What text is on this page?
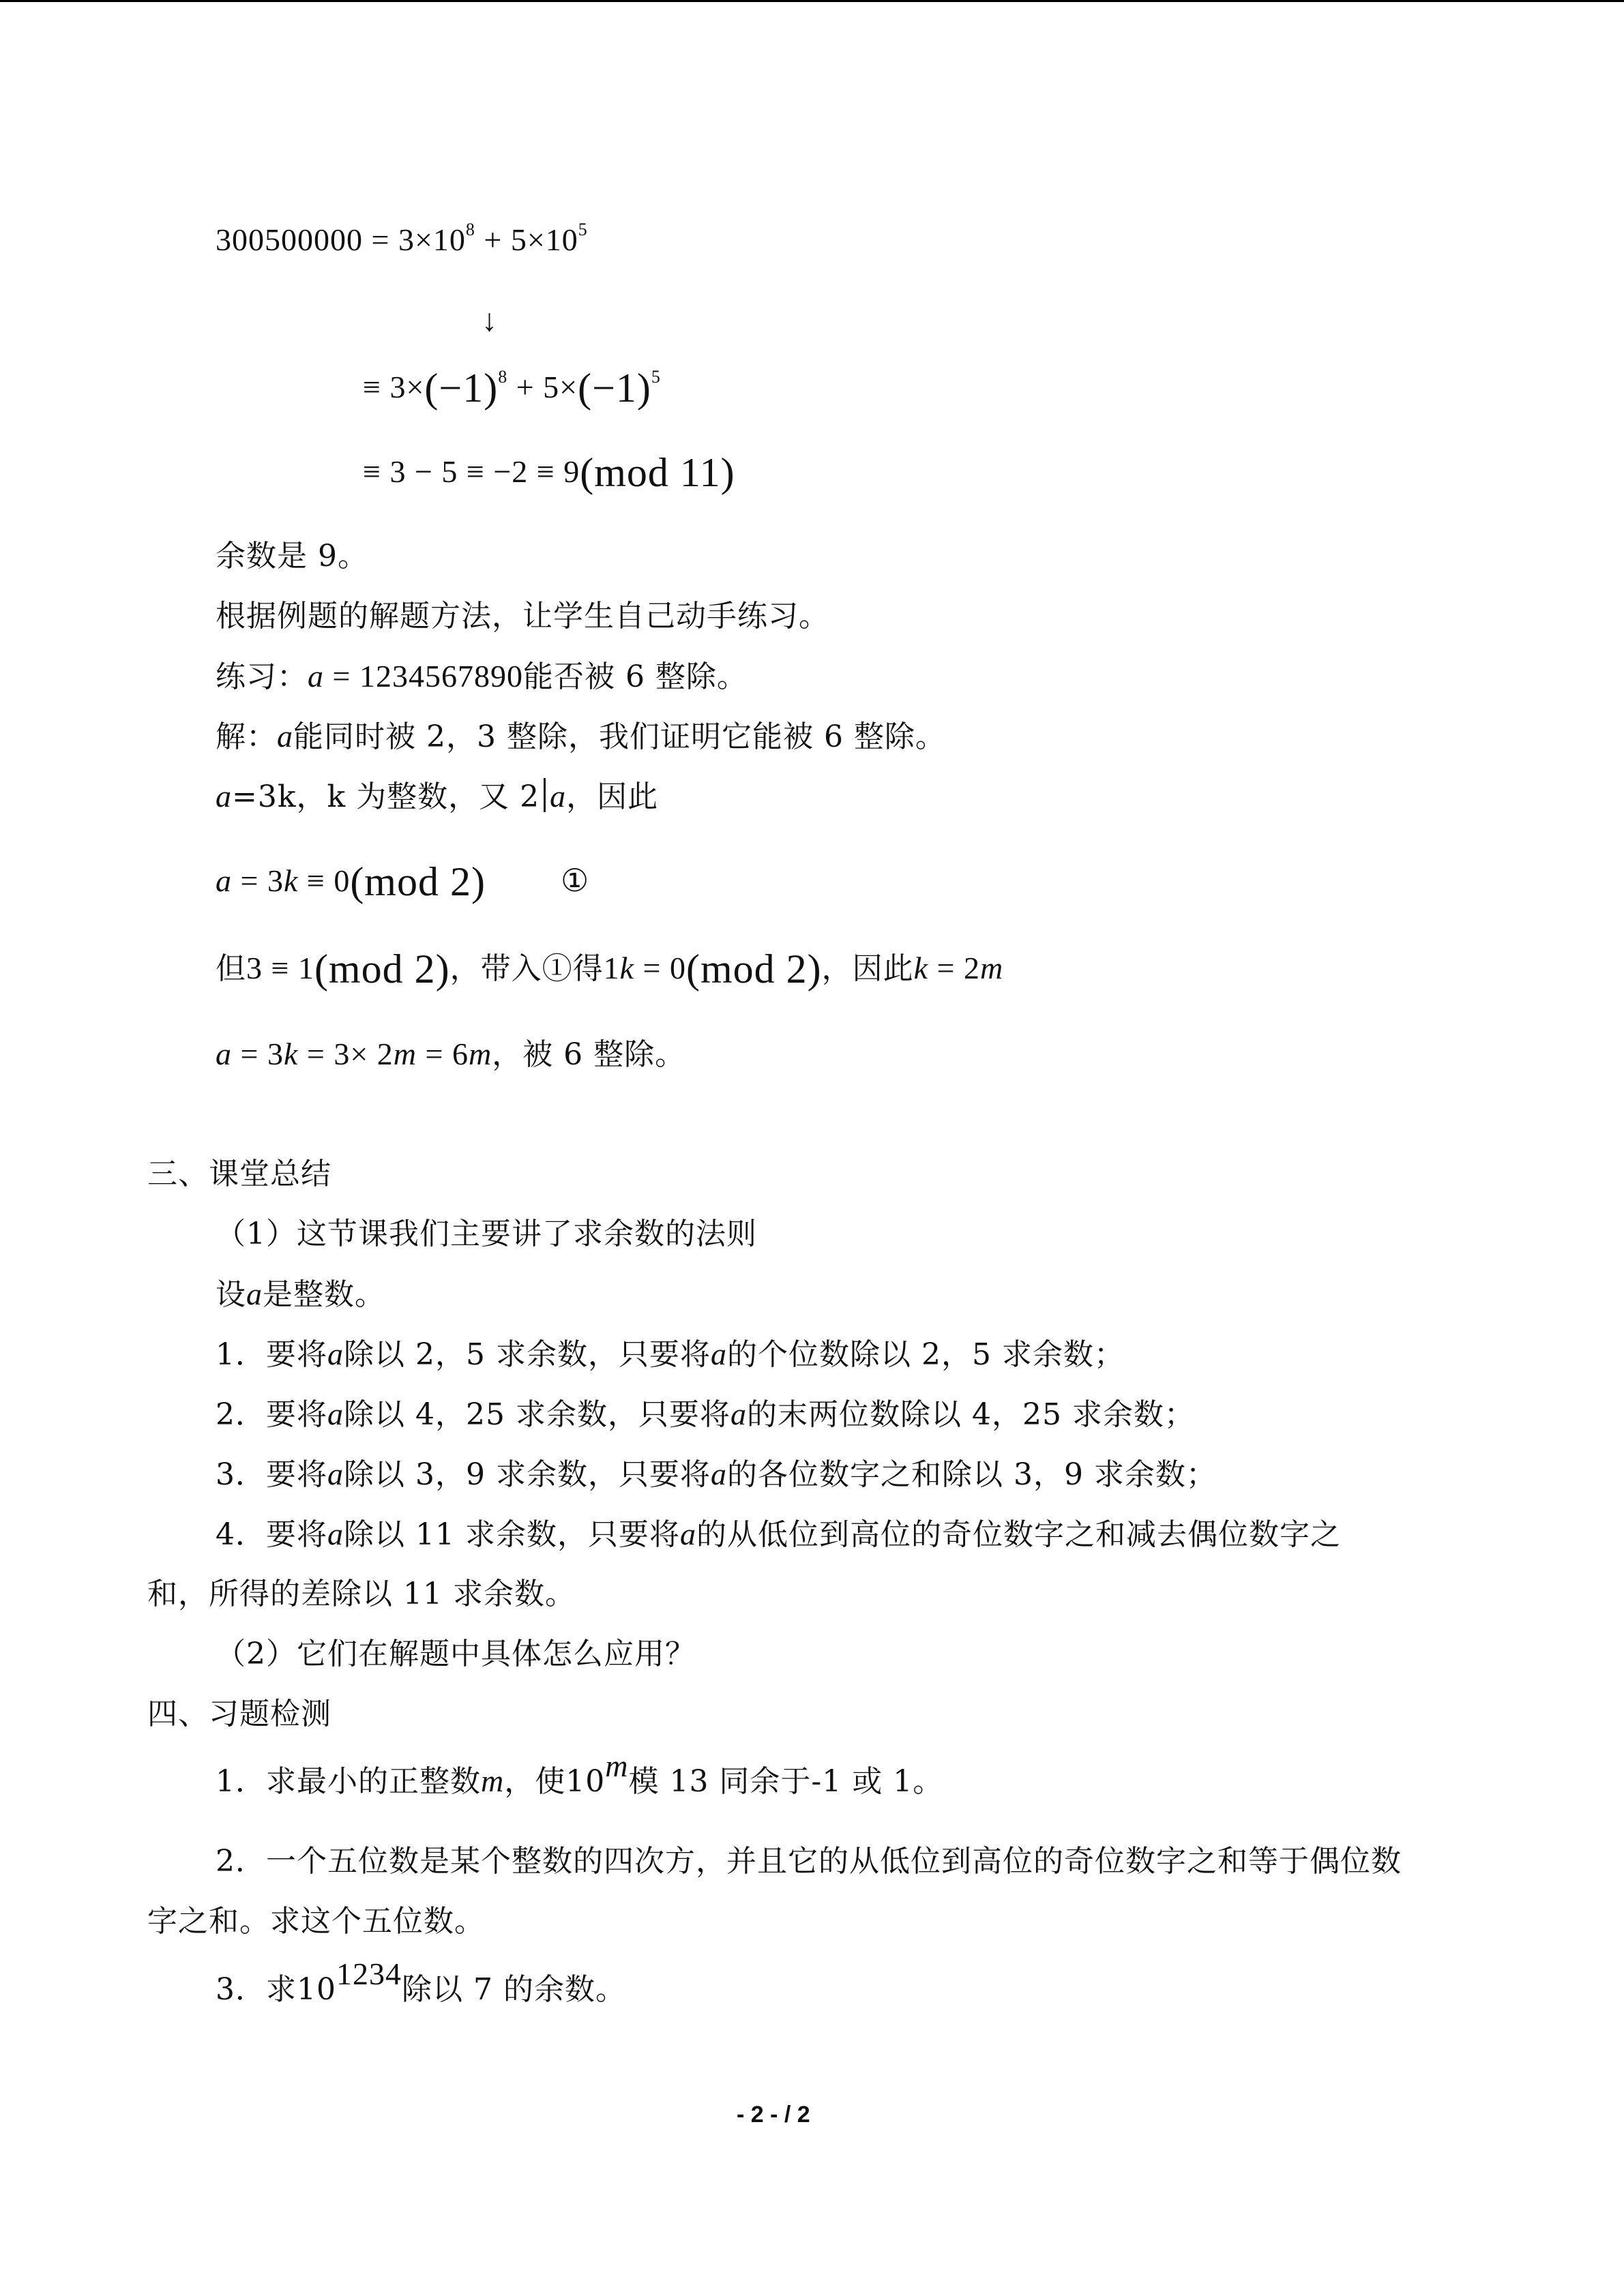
$300500000 = 3\times 10^8 + 5\times 10^5$
↓
≡ $3\times(-1)^8 + 5\times(-1)^5$
≡ 3 − 5 ≡ −2 ≡ 9(mod 11)
余数是 9。
根据例题的解题方法，让学生自己动手练习。
练习：a = 1234567890能否被 6 整除。
解：a能同时被 2，3 整除，我们证明它能被 6 整除。
a=3k，k 为整数，又 2 a，因此
a = 3k ≡ 0(mod 2) ①
但3 ≡ 1(mod 2)，带入①得1k = 0(mod 2)，因此k = 2m
a = 3k = 3× 2m = 6m，被 6 整除。
三、课堂总结
（1）这节课我们主要讲了求余数的法则
设a是整数。
1．要将a除以 2，5 求余数，只要将a的个位数除以 2，5 求余数；
2．要将a除以 4，25 求余数，只要将a的末两位数除以 4，25 求余数；
3．要将a除以 3，9 求余数，只要将a的各位数字之和除以 3，9 求余数；
4．要将a除以 11 求余数，只要将a的从低位到高位的奇位数字之和减去偶位数字之
和，所得的差除以 11 求余数。
（2）它们在解题中具体怎么应用？
四、习题检测
1．求最小的正整数m，使10$^m$模 13 同余于-1 或 1。
2．一个五位数是某个整数的四次方，并且它的从低位到高位的奇位数字之和等于偶位数
字之和。求这个五位数。
3．求$10^{1234}$除以 7 的余数。
- 2 - / 2
